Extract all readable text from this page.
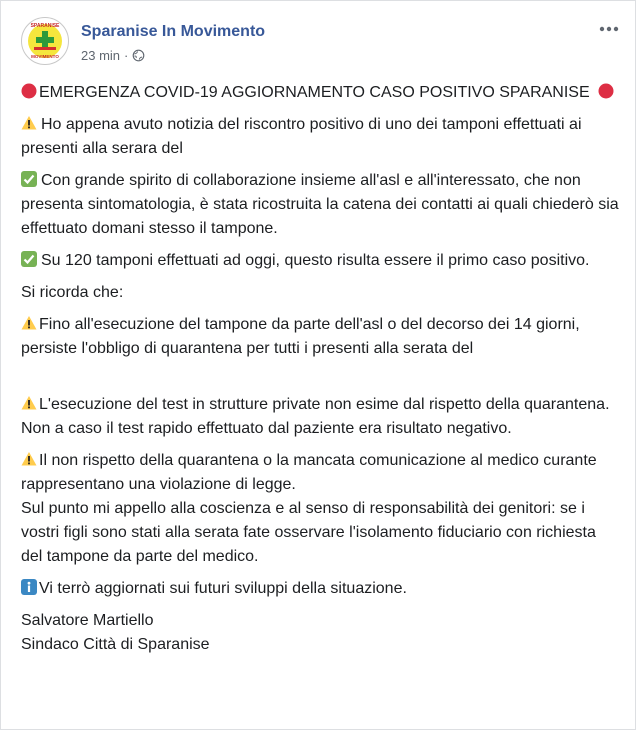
SPARANISE
MOVIMENTO
Sparanise In Movimento
23 min ·

EMERGENZA COVID-19 AGGIORNAMENTO CASO POSITIVO SPARANISE

Ho appena avuto notizia del riscontro positivo di uno dei tamponi effettuati ai presenti alla serara del

Con grande spirito di collaborazione insieme all'asl e all'interessato, che non presenta sintomatologia, è stata ricostruita la catena dei contatti ai quali chiederò sia effettuato domani stesso il tampone.

Su 120 tamponi effettuati ad oggi, questo risulta essere il primo caso positivo.

Si ricorda che:

Fino all'esecuzione del tampone da parte dell'asl o del decorso dei 14 giorni, persiste l'obbligo di quarantena per tutti i presenti alla serata del

L'esecuzione del test in strutture private non esime dal rispetto della quarantena. Non a caso il test rapido effettuato dal paziente era risultato negativo.

Il non rispetto della quarantena o la mancata comunicazione al medico curante rappresentano una violazione di legge.
Sul punto mi appello alla coscienza e al senso di responsabilità dei genitori: se i vostri figli sono stati alla serata fate osservare l'isolamento fiduciario con richiesta del tampone da parte del medico.

Vi terrò aggiornati sui futuri sviluppi della situazione.

Salvatore Martiello
Sindaco Città di Sparanise
